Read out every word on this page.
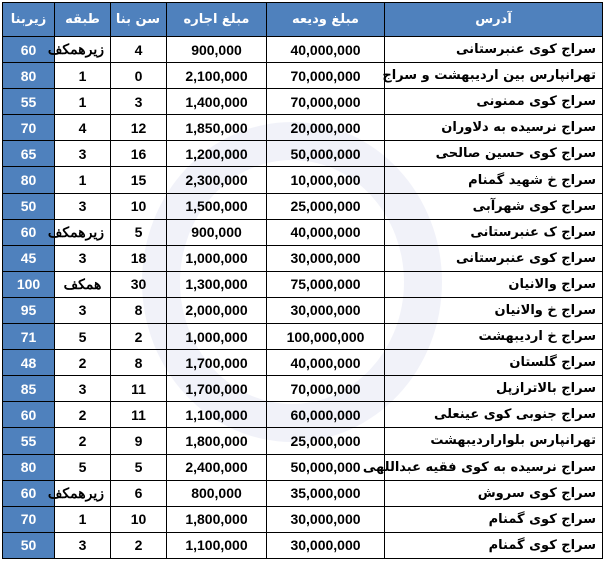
آدرس	مبلغ ودیعه	مبلغ اجاره	سن بنا	طبقه	زیربنا
سراج کوی عنبرستانی	40,000,000	900,000	4	زیرهمکف	60
تهرانپارس بین اردیبهشت و سراج	70,000,000	2,100,000	0	1	80
سراج کوی ممنونی	70,000,000	1,400,000	3	1	55
سراج نرسیده به دلاوران	20,000,000	1,850,000	12	4	70
سراج کوی حسین صالحی	50,000,000	1,200,000	16	3	65
سراج خ شهید گمنام	10,000,000	2,300,000	15	1	80
سراج کوی شهرآبی	25,000,000	1,500,000	10	3	50
سراج ک عنبرستانی	40,000,000	900,000	5	زیرهمکف	60
سراج کوی عنبرستانی	30,000,000	1,000,000	18	3	45
سراج والانیان	75,000,000	1,300,000	30	همکف	100
سراج خ والانیان	30,000,000	2,000,000	8	3	95
سراج خ اردیبهشت	100,000,000	1,000,000	2	5	71
سراج گلستان	40,000,000	1,700,000	8	2	48
سراج بالاترازپل	70,000,000	1,700,000	11	3	85
سراج جنوبی کوی عینعلی	60,000,000	1,100,000	11	2	60
تهرانپارس بلواراردیبهشت	25,000,000	1,800,000	9	2	55
سراج نرسیده به کوی فقیه عبداللهی	50,000,000	2,400,000	5	5	80
سراج کوی سروش	35,000,000	800,000	6	زیرهمکف	60
سراج کوی گمنام	30,000,000	1,800,000	10	1	70
سراج کوی گمنام	30,000,000	1,100,000	2	3	50
